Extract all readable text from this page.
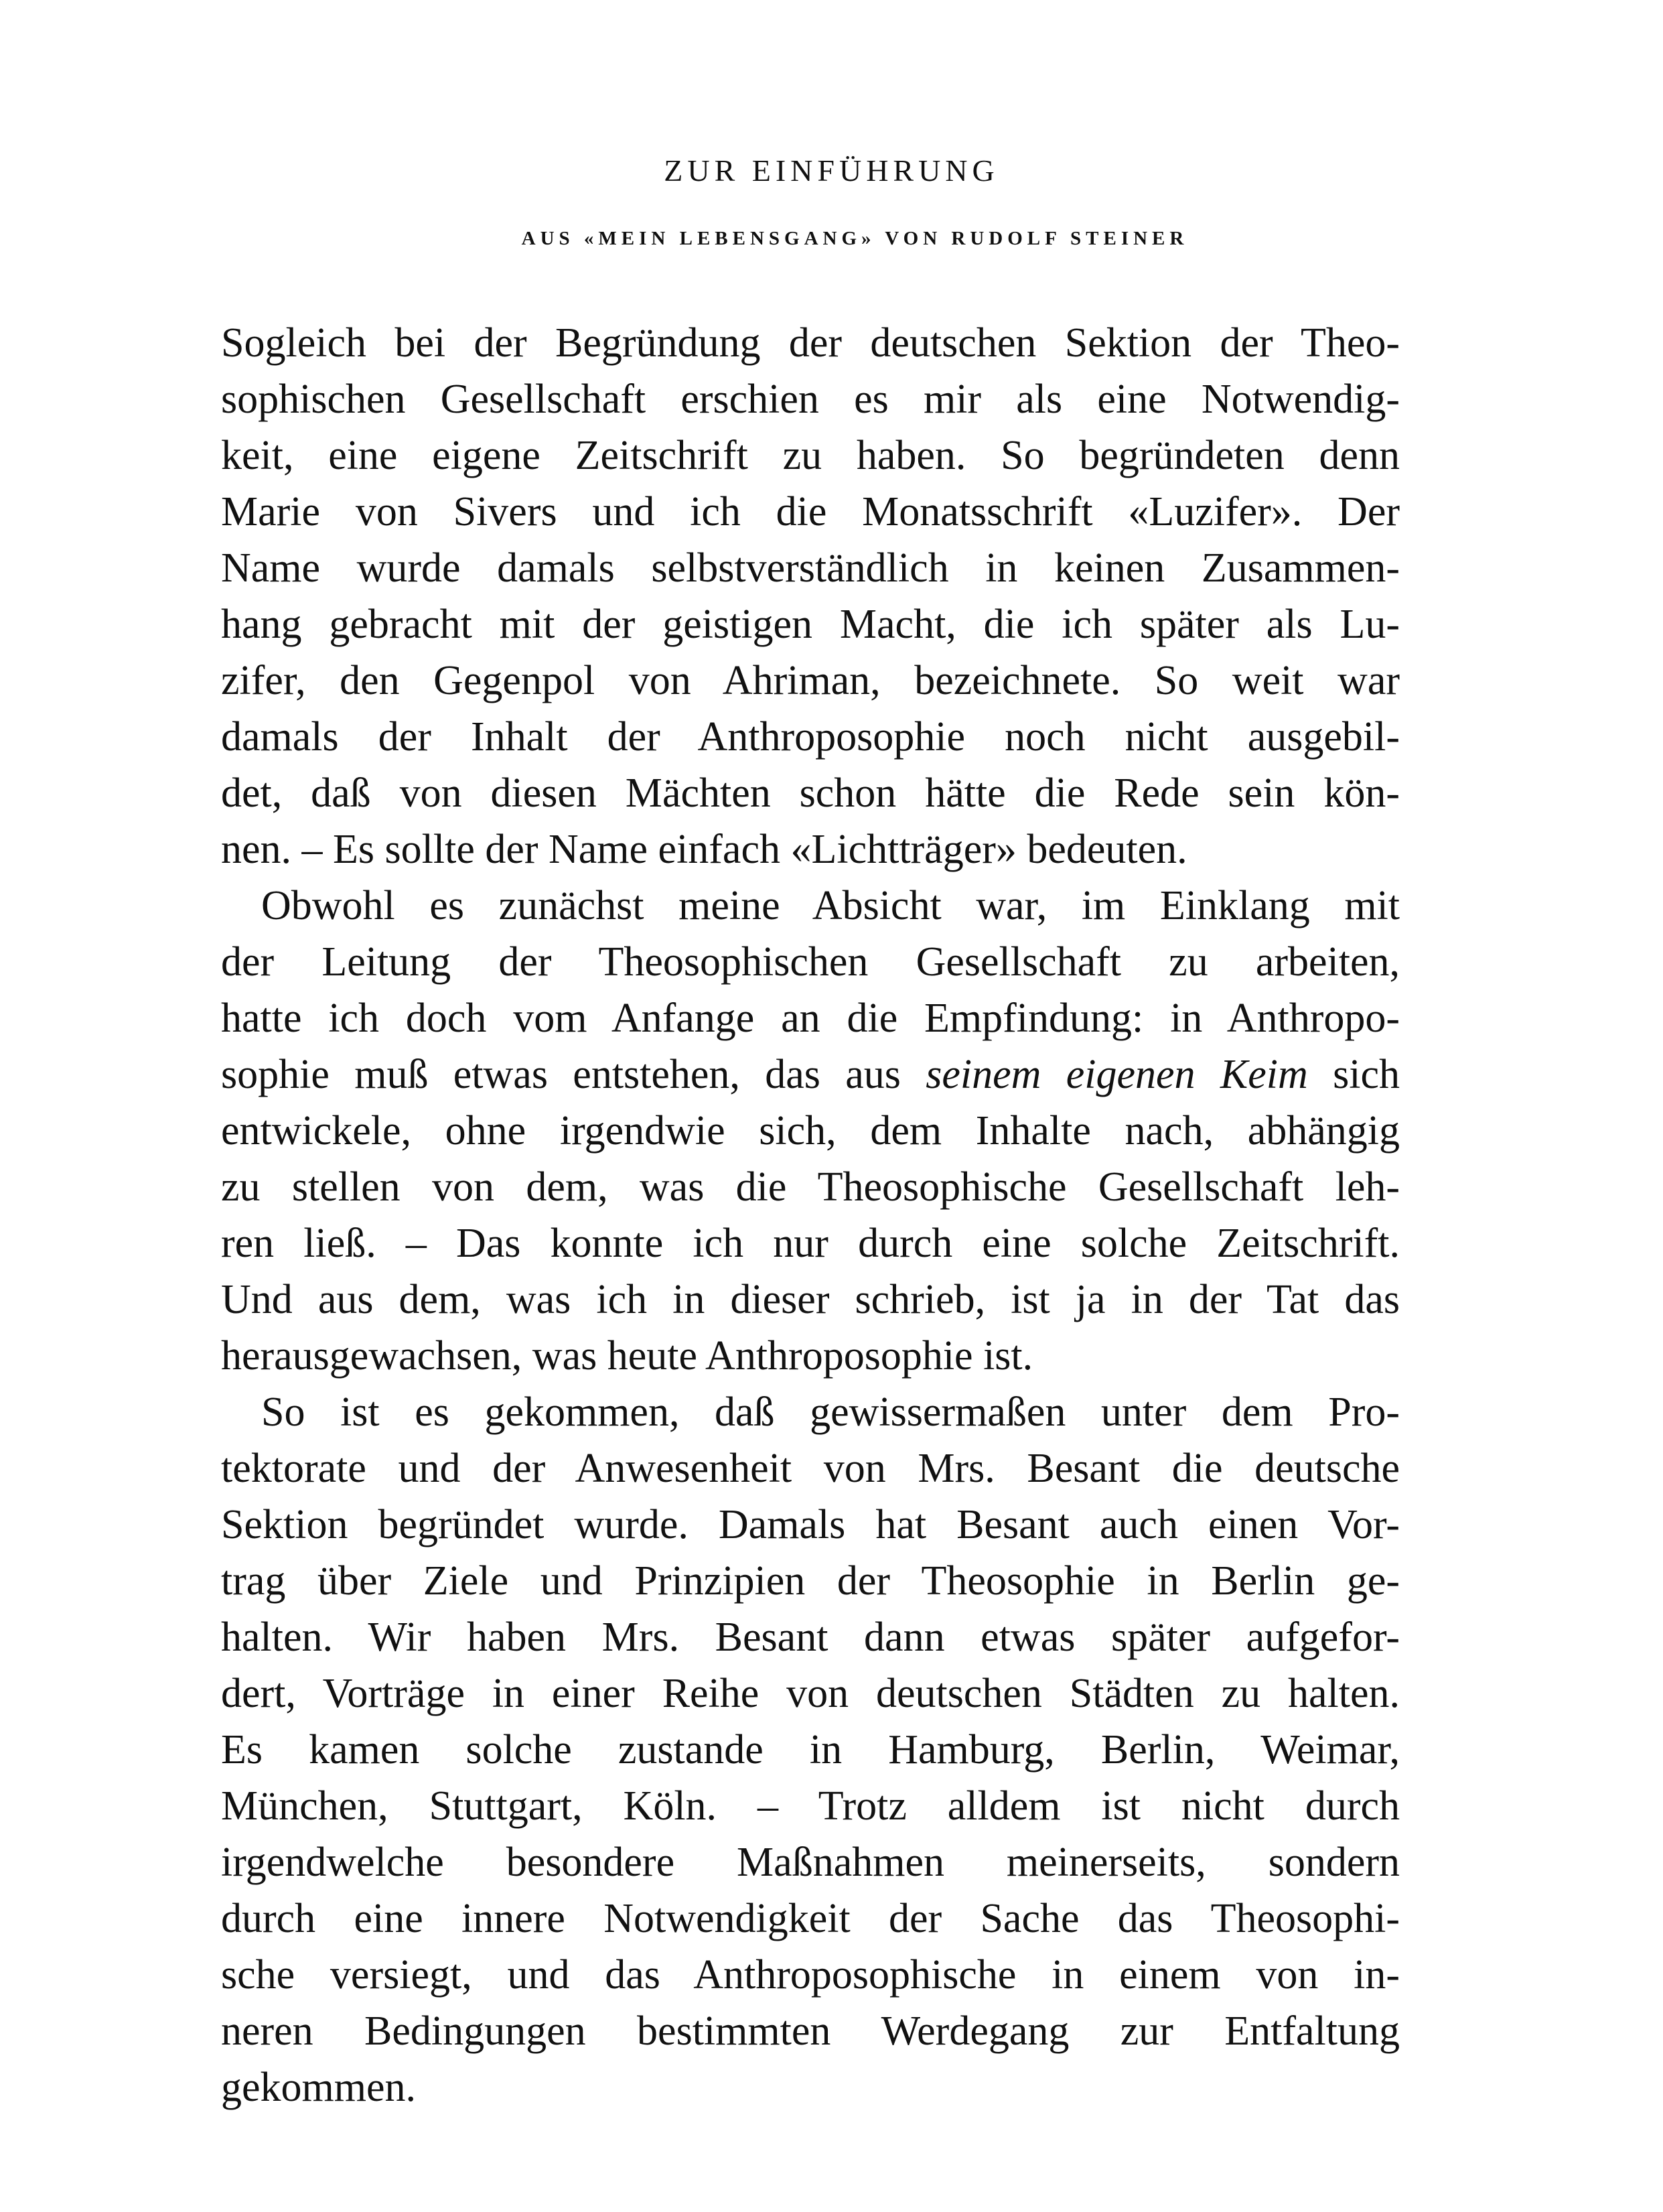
ZUR EINFÜHRUNG
AUS «MEIN LEBENSGANG» VON RUDOLF STEINER

Sogleich bei der Begründung der deutschen Sektion der Theo-
sophischen Gesellschaft erschien es mir als eine Notwendig-
keit, eine eigene Zeitschrift zu haben. So begründeten denn
Marie von Sivers und ich die Monatsschrift «Luzifer». Der
Name wurde damals selbstverständlich in keinen Zusammen-
hang gebracht mit der geistigen Macht, die ich später als Lu-
zifer, den Gegenpol von Ahriman, bezeichnete. So weit war
damals der Inhalt der Anthroposophie noch nicht ausgebil-
det, daß von diesen Mächten schon hätte die Rede sein kön-
nen. – Es sollte der Name einfach «Lichtträger» bedeuten.

Obwohl es zunächst meine Absicht war, im Einklang mit
der Leitung der Theosophischen Gesellschaft zu arbeiten,
hatte ich doch vom Anfange an die Empfindung: in Anthropo-
sophie muß etwas entstehen, das aus seinem eigenen Keim sich
entwickele, ohne irgendwie sich, dem Inhalte nach, abhängig
zu stellen von dem, was die Theosophische Gesellschaft leh-
ren ließ. – Das konnte ich nur durch eine solche Zeitschrift.
Und aus dem, was ich in dieser schrieb, ist ja in der Tat das
herausgewachsen, was heute Anthroposophie ist.

So ist es gekommen, daß gewissermaßen unter dem Pro-
tektorate und der Anwesenheit von Mrs. Besant die deutsche
Sektion begründet wurde. Damals hat Besant auch einen Vor-
trag über Ziele und Prinzipien der Theosophie in Berlin ge-
halten. Wir haben Mrs. Besant dann etwas später aufgefor-
dert, Vorträge in einer Reihe von deutschen Städten zu halten.
Es kamen solche zustande in Hamburg, Berlin, Weimar,
München, Stuttgart, Köln. – Trotz alldem ist nicht durch
irgendwelche besondere Maßnahmen meinerseits, sondern
durch eine innere Notwendigkeit der Sache das Theosophi-
sche versiegt, und das Anthroposophische in einem von in-
neren Bedingungen bestimmten Werdegang zur Entfaltung
gekommen.
